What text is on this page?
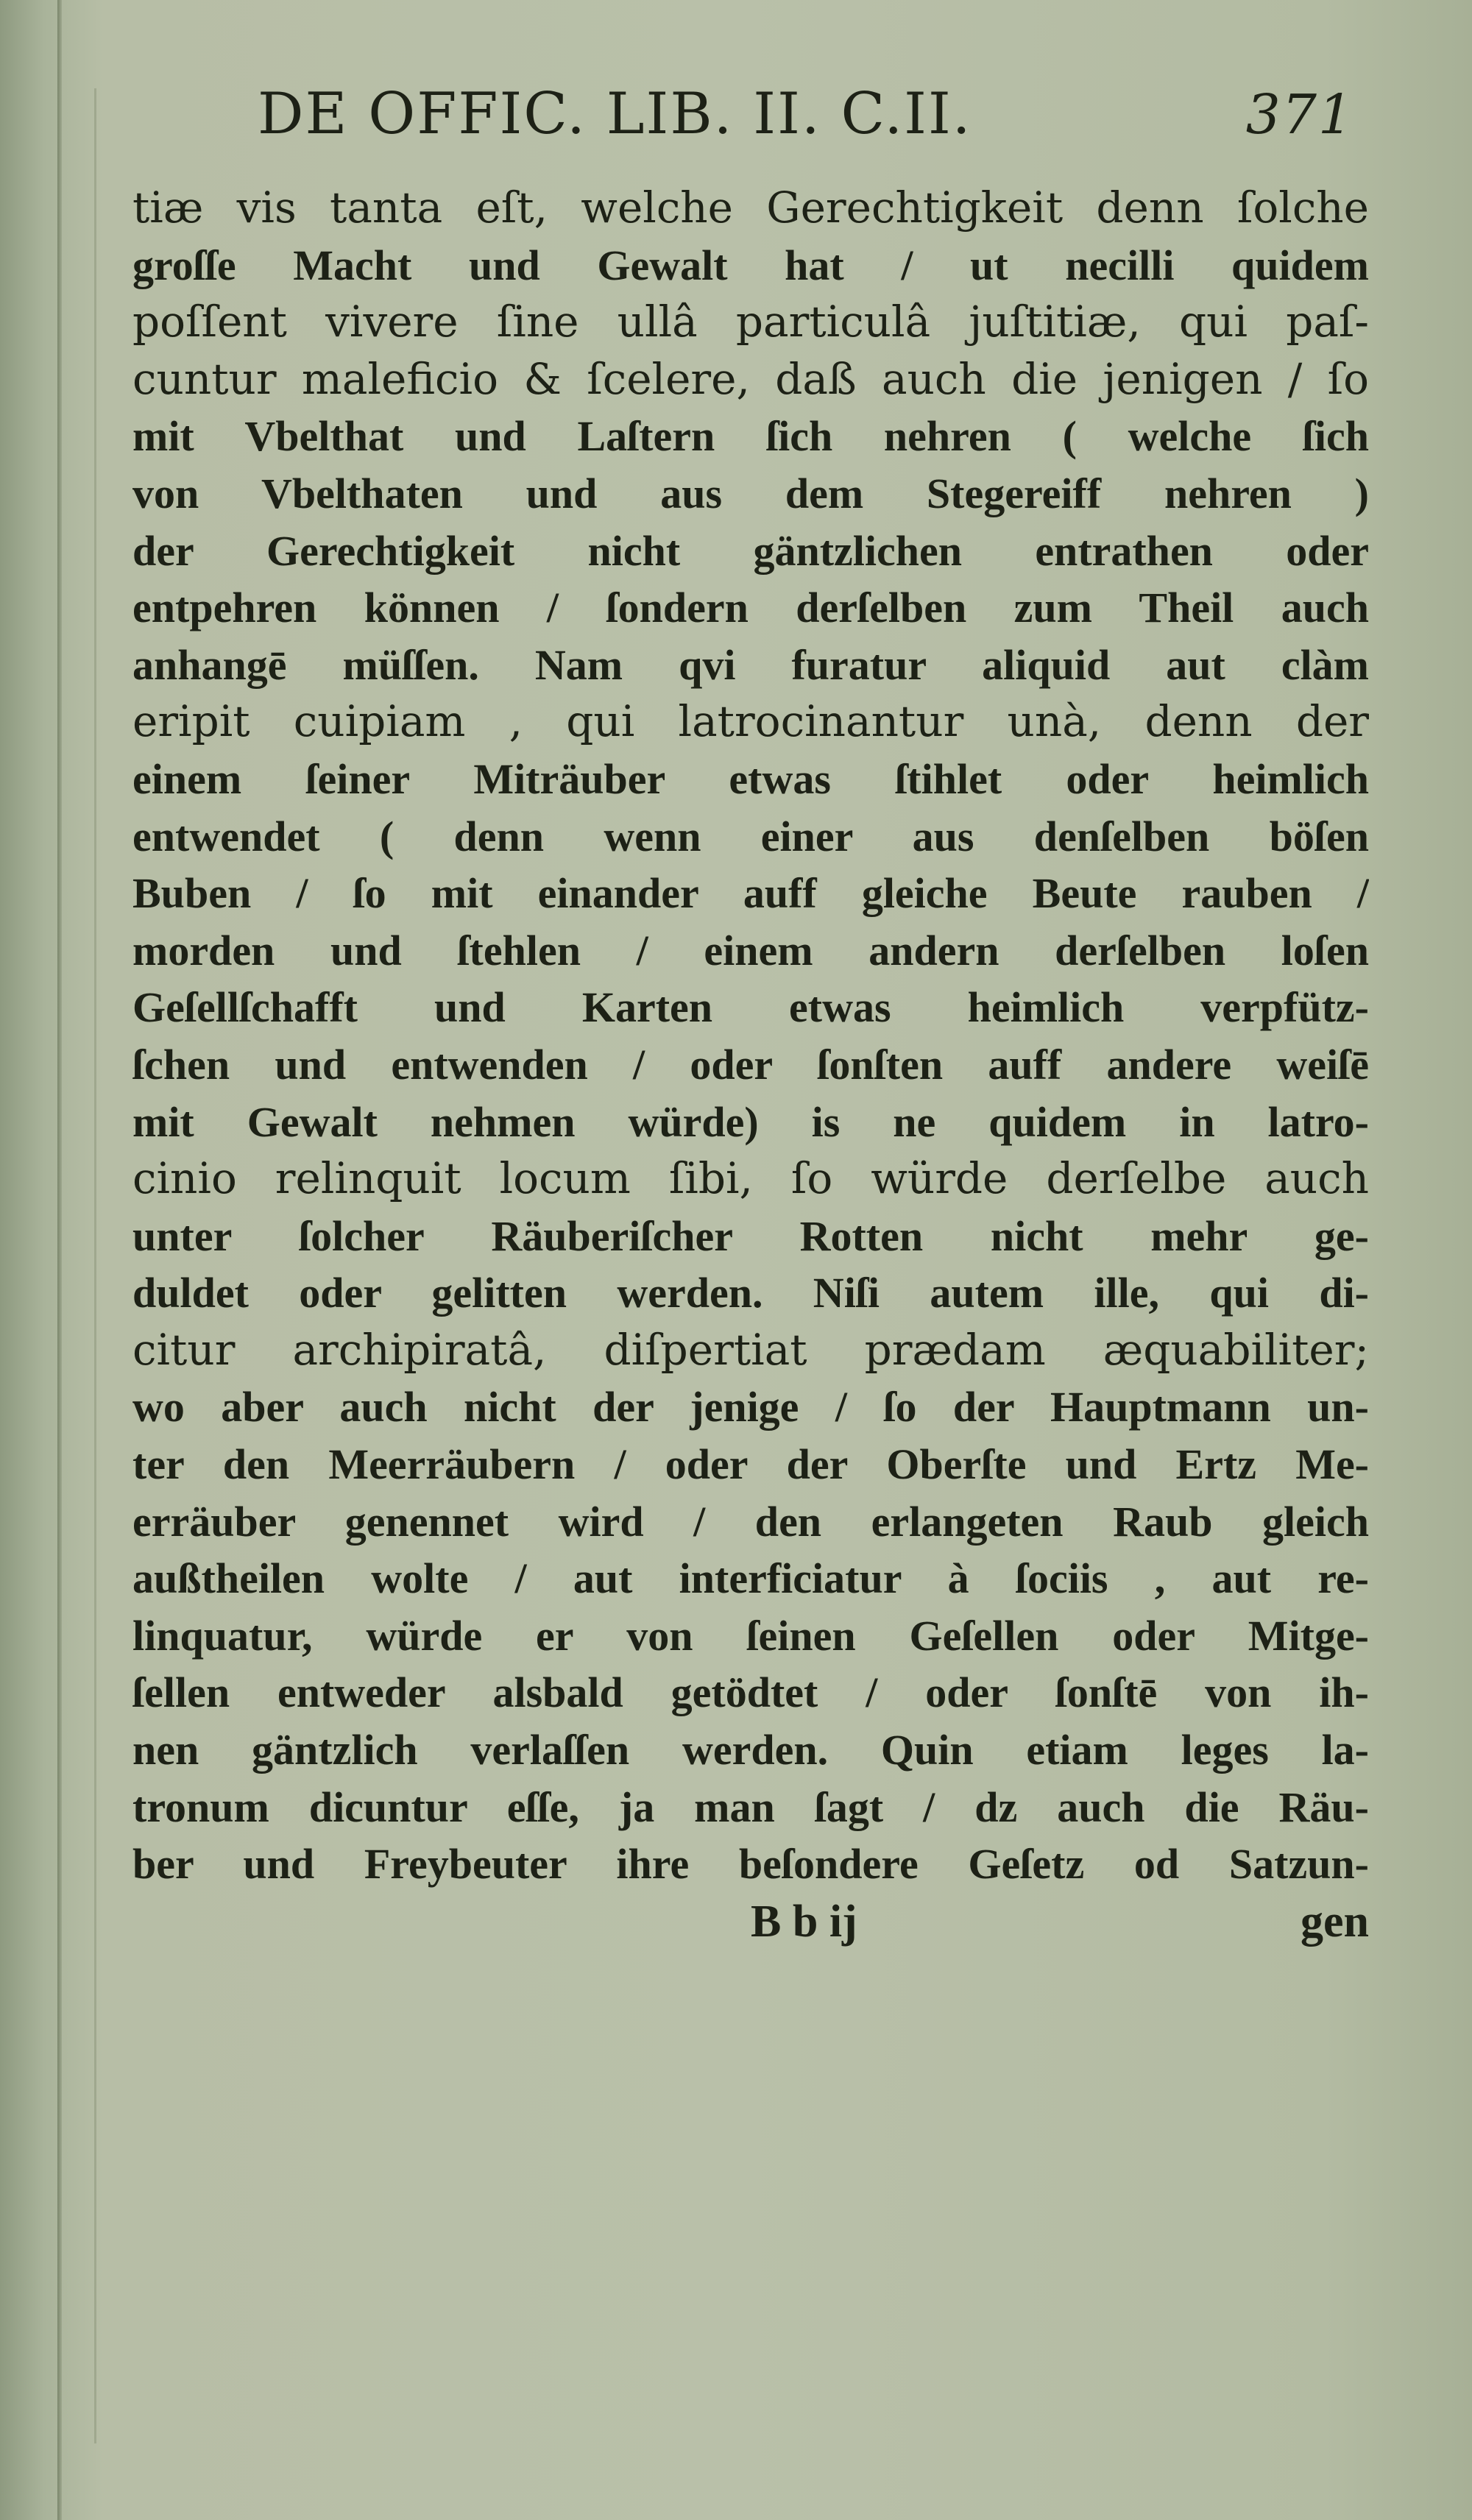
DE OFFIC. LIB. II. C.II.	371
tiæ vis tanta eſt, welche Gerechtigkeit denn ſolche
groſſe Macht und Gewalt hat / ut necilli quidem
poſſent vivere ſine ullâ particulâ juſtitiæ, qui paſ-
cuntur maleficio & ſcelere, daß auch die jenigen / ſo
mit Vbelthat und Laſtern ſich nehren ( welche ſich
von Vbelthaten und aus dem Stegereiff nehren )
der Gerechtigkeit nicht gäntzlichen entrathen oder
entpehren können / ſondern derſelben zum Theil auch
anhangē müſſen. Nam qvi furatur aliquid aut clàm
eripit cuipiam , qui latrocinantur unà, denn der
einem ſeiner Miträuber etwas ſtihlet oder heimlich
entwendet ( denn wenn einer aus denſelben böſen
Buben / ſo mit einander auff gleiche Beute rauben /
morden und ſtehlen / einem andern derſelben loſen
Geſellſchafft und Karten etwas heimlich verpfütz-
ſchen und entwenden / oder ſonſten auff andere weiſē
mit Gewalt nehmen würde) is ne quidem in latro-
cinio relinquit locum ſibi, ſo würde derſelbe auch
unter ſolcher Räuberiſcher Rotten nicht mehr ge-
duldet oder gelitten werden. Niſi autem ille, qui di-
citur archipiratâ, diſpertiat prædam æquabiliter;
wo aber auch nicht der jenige / ſo der Hauptmann un-
ter den Meerräubern / oder der Oberſte und Ertz Me-
erräuber genennet wird / den erlangeten Raub gleich
außtheilen wolte / aut interficiatur à ſociis , aut re-
linquatur, würde er von ſeinen Geſellen oder Mitge-
ſellen entweder alsbald getödtet / oder ſonſtē von ih-
nen gäntzlich verlaſſen werden. Quin etiam leges la-
tronum dicuntur eſſe, ja man ſagt / dz auch die Räu-
ber und Freybeuter ihre beſondere Geſetz od Satzun-
B b ij	gen
